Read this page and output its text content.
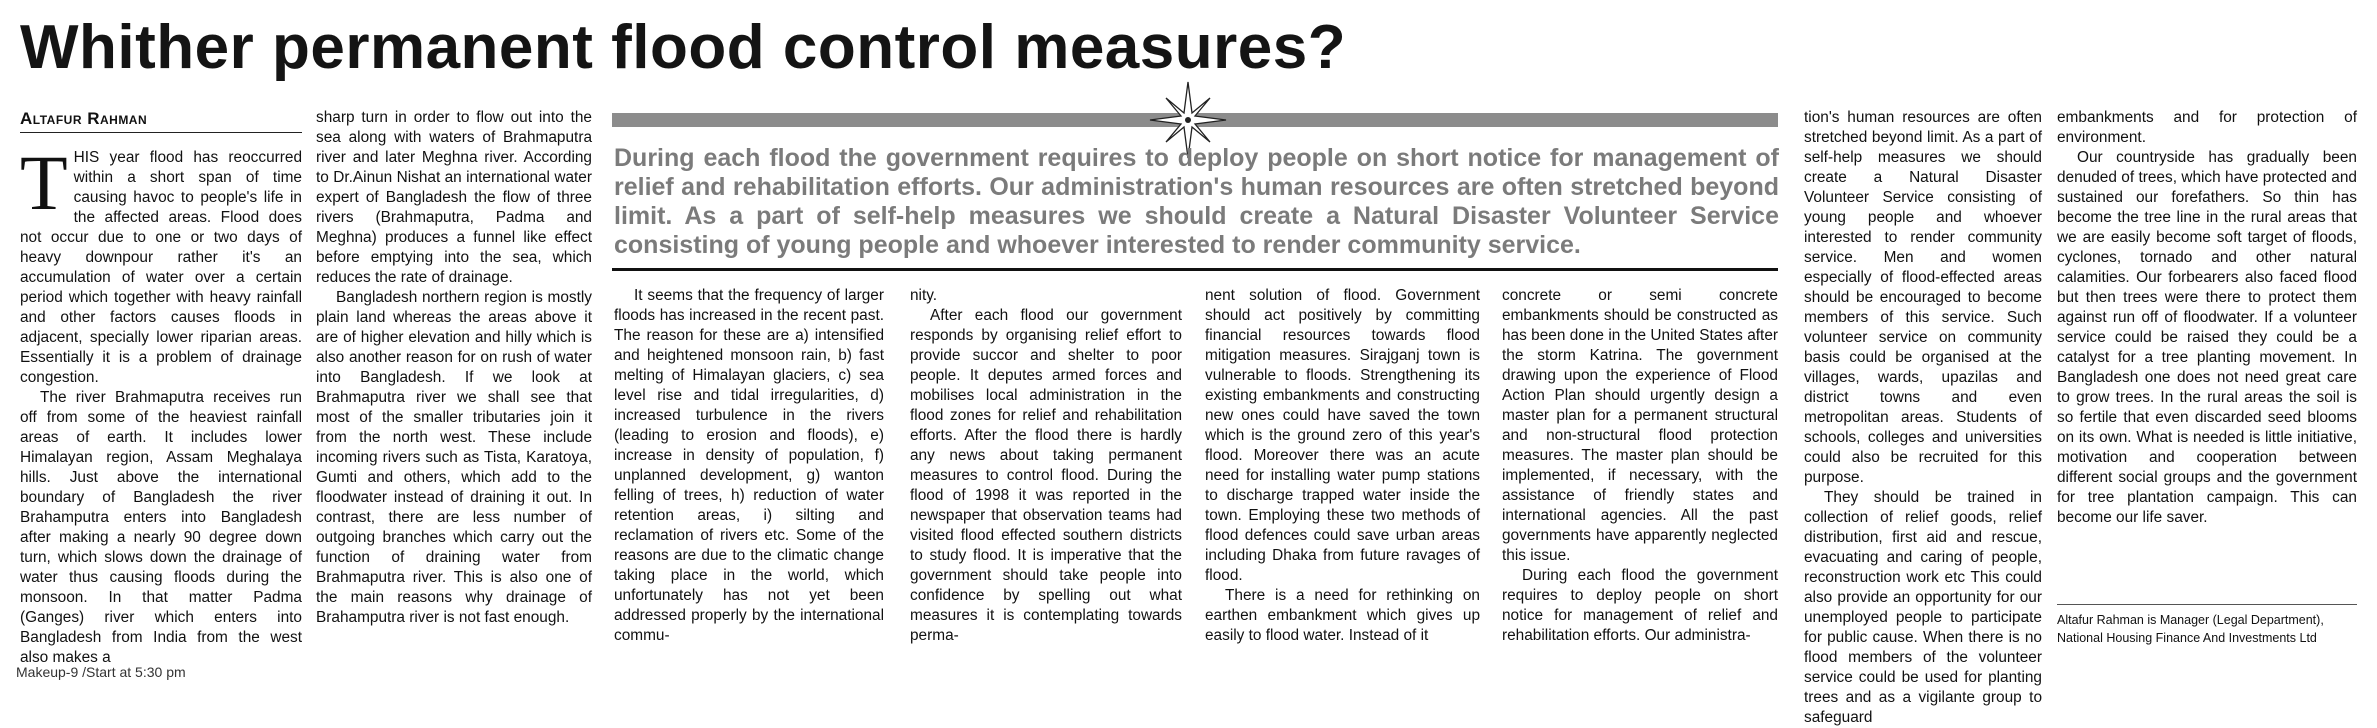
Whither permanent flood control measures?
Altafur Rahman

THIS year flood has reoccurred within a short span of time causing havoc to people's life in the affected areas. Flood does not occur due to one or two days of heavy downpour rather it's an accumulation of water over a certain period which together with heavy rainfall and other factors causes floods in adjacent, specially lower riparian areas. Essentially it is a problem of drainage congestion.

The river Brahmaputra receives run off from some of the heaviest rainfall areas of earth. It includes lower Himalayan region, Assam Meghalaya hills. Just above the international boundary of Bangladesh the river Brahamputra enters into Bangladesh after making a nearly 90 degree down turn, which slows down the drainage of water thus causing floods during the monsoon. In that matter Padma (Ganges) river which enters into Bangladesh from India from the west also makes a

sharp turn in order to flow out into the sea along with waters of Brahmaputra river and later Meghna river. According to Dr.Ainun Nishat an international water expert of Bangladesh the flow of three rivers (Brahmaputra, Padma and Meghna) produces a funnel like effect before emptying into the sea, which reduces the rate of drainage.

Bangladesh northern region is mostly plain land whereas the areas above it are of higher elevation and hilly which is also another reason for on rush of water into Bangladesh. If we look at Brahmaputra river we shall see that most of the smaller tributaries join it from the north west. These include incoming rivers such as Tista, Karatoya, Gumti and others, which add to the floodwater instead of draining it out. In contrast, there are less number of outgoing branches which carry out the function of draining water from Brahmaputra river. This is also one of the main reasons why drainage of Brahamputra river is not fast enough.

During each flood the government requires to deploy people on short notice for management of relief and rehabilitation efforts. Our administration's human resources are often stretched beyond limit. As a part of self-help measures we should create a Natural Disaster Volunteer Service consisting of young people and whoever interested to render community service.

It seems that the frequency of larger floods has increased in the recent past. The reason for these are a) intensified and heightened monsoon rain, b) fast melting of Himalayan glaciers, c) sea level rise and tidal irregularities, d) increased turbulence in the rivers (leading to erosion and floods), e) increase in density of population, f) unplanned development, g) wanton felling of trees, h) reduction of water retention areas, i) silting and reclamation of rivers etc. Some of the reasons are due to the climatic change taking place in the world, which unfortunately has not yet been addressed properly by the international commu-

nity.

After each flood our government responds by organising relief effort to provide succor and shelter to poor people. It deputes armed forces and mobilises local administration in the flood zones for relief and rehabilitation efforts. After the flood there is hardly any news about taking permanent measures to control flood. During the flood of 1998 it was reported in the newspaper that observation teams had visited flood effected southern districts to study flood. It is imperative that the government should take people into confidence by spelling out what measures it is contemplating towards perma-

nent solution of flood. Government should act positively by committing financial resources towards flood mitigation measures. Sirajganj town is vulnerable to floods. Strengthening its existing embankments and constructing new ones could have saved the town which is the ground zero of this year's flood. Moreover there was an acute need for installing water pump stations to discharge trapped water inside the town. Employing these two methods of flood defences could save urban areas including Dhaka from future ravages of flood.

There is a need for rethinking on earthen embankment which gives up easily to flood water. Instead of it

concrete or semi concrete embankments should be constructed as has been done in the United States after the storm Katrina. The government drawing upon the experience of Flood Action Plan should urgently design a master plan for a permanent structural and non-structural flood protection measures. The master plan should be implemented, if necessary, with the assistance of friendly states and international agencies. All the past governments have apparently neglected this issue.

During each flood the government requires to deploy people on short notice for management of relief and rehabilitation efforts. Our administra-

tion's human resources are often stretched beyond limit. As a part of self-help measures we should create a Natural Disaster Volunteer Service consisting of young people and whoever interested to render community service. Men and women especially of flood-effected areas should be encouraged to become members of this service. Such volunteer service on community basis could be organised at the villages, wards, upazilas and district towns and even metropolitan areas. Students of schools, colleges and universities could also be recruited for this purpose.

They should be trained in collection of relief goods, relief distribution, first aid and rescue, evacuating and caring of people, reconstruction work etc This could also provide an opportunity for our unemployed people to participate for public cause. When there is no flood members of the volunteer service could be used for planting trees and as a vigilante group to safeguard

embankments and for protection of environment.

Our countryside has gradually been denuded of trees, which have protected and sustained our forefathers. So thin has become the tree line in the rural areas that we are easily become soft target of floods, cyclones, tornado and other natural calamities. Our forbearers also faced flood but then trees were there to protect them against run off of floodwater. If a volunteer service could be raised they could be a catalyst for a tree planting movement. In Bangladesh one does not need great care to grow trees. In the rural areas the soil is so fertile that even discarded seed blooms on its own. What is needed is little initiative, motivation and cooperation between different social groups and the government for tree plantation campaign. This can become our life saver.

Altafur Rahman is Manager (Legal Department),
National Housing Finance And Investments Ltd
Makeup-9 /Start at 5:30 pm
